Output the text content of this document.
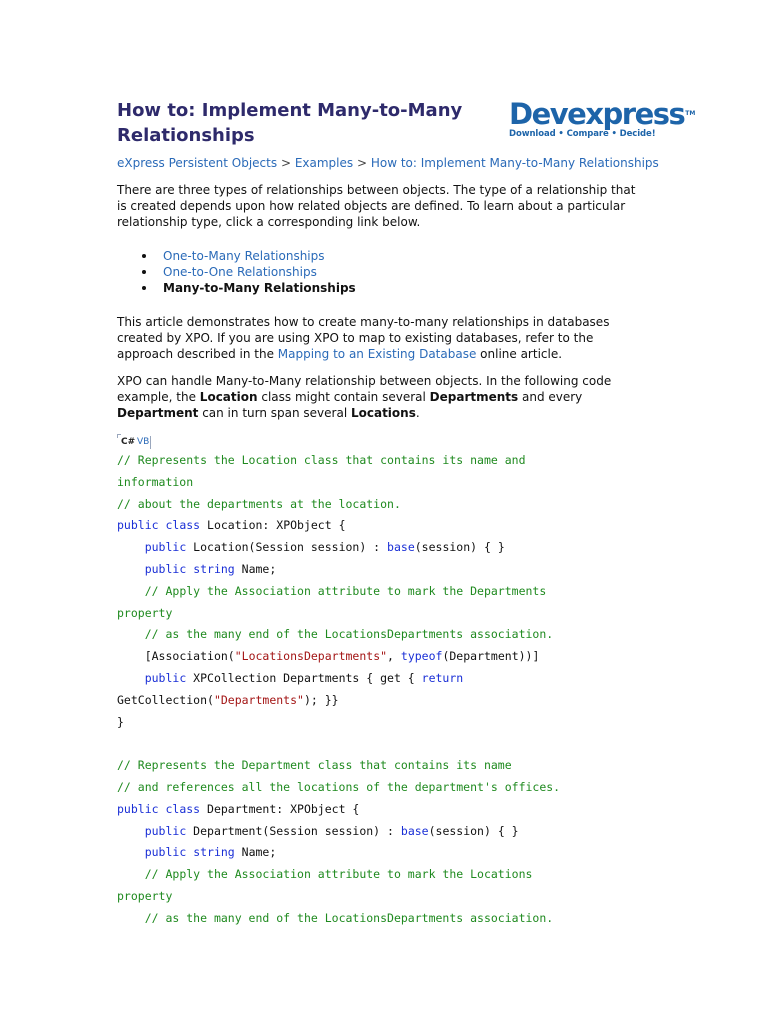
How to: Implement Many-to-Many
Relationships
Devexpress™
Download • Compare • Decide!
eXpress Persistent Objects > Examples > How to: Implement Many-to-Many Relationships

There are three types of relationships between objects. The type of a relationship that is created depends upon how related objects are defined. To learn about a particular relationship type, click a corresponding link below.

One-to-Many Relationships
One-to-One Relationships
Many-to-Many Relationships

This article demonstrates how to create many-to-many relationships in databases created by XPO. If you are using XPO to map to existing databases, refer to the approach described in the Mapping to an Existing Database online article.

XPO can handle Many-to-Many relationship between objects. In the following code example, the Location class might contain several Departments and every Department can in turn span several Locations.

C# VB
// Represents the Location class that contains its name and
information
// about the departments at the location.
public class Location: XPObject {
public Location(Session session) : base(session) { }
public string Name;
// Apply the Association attribute to mark the Departments
property
// as the many end of the LocationsDepartments association.
[Association("LocationsDepartments", typeof(Department))]
public XPCollection Departments { get { return
GetCollection("Departments"); }}
}
// Represents the Department class that contains its name
// and references all the locations of the department's offices.
public class Department: XPObject {
public Department(Session session) : base(session) { }
public string Name;
// Apply the Association attribute to mark the Locations
property
// as the many end of the LocationsDepartments association.
